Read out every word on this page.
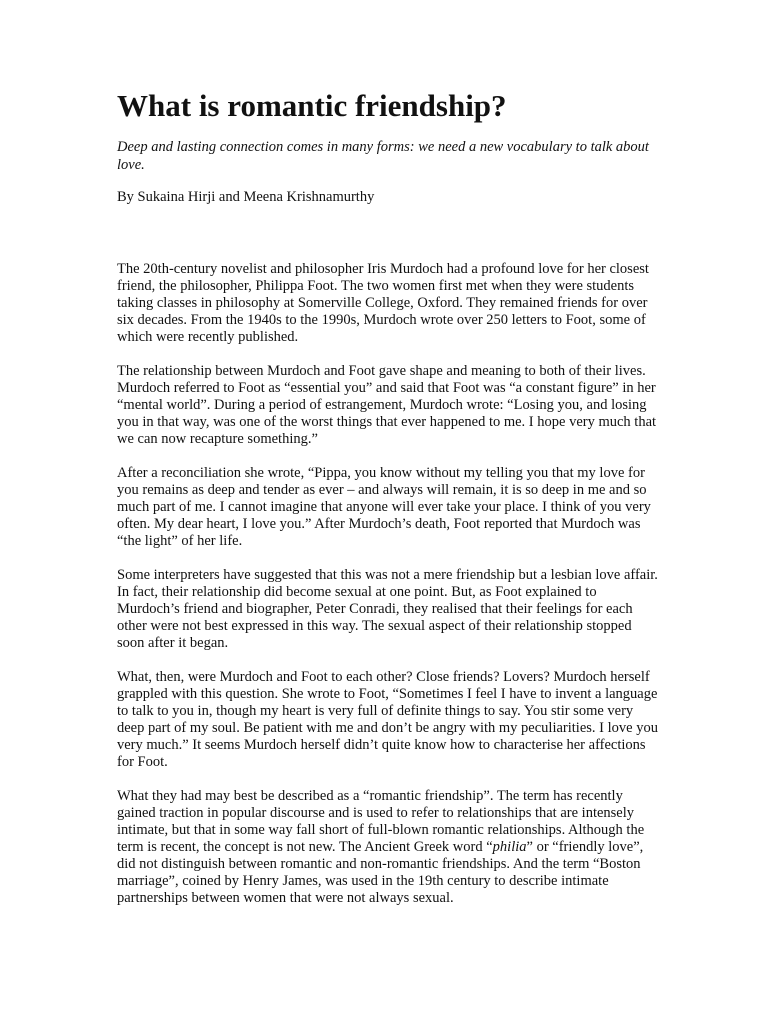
What is romantic friendship?
Deep and lasting connection comes in many forms: we need a new vocabulary to talk about love.
By Sukaina Hirji and Meena Krishnamurthy

The 20th-century novelist and philosopher Iris Murdoch had a profound love for her closest friend, the philosopher, Philippa Foot. The two women first met when they were students taking classes in philosophy at Somerville College, Oxford. They remained friends for over six decades. From the 1940s to the 1990s, Murdoch wrote over 250 letters to Foot, some of which were recently published.

The relationship between Murdoch and Foot gave shape and meaning to both of their lives. Murdoch referred to Foot as “essential you” and said that Foot was “a constant figure” in her “mental world”. During a period of estrangement, Murdoch wrote: “Losing you, and losing you in that way, was one of the worst things that ever happened to me. I hope very much that we can now recapture something.”

After a reconciliation she wrote, “Pippa, you know without my telling you that my love for you remains as deep and tender as ever – and always will remain, it is so deep in me and so much part of me. I cannot imagine that anyone will ever take your place. I think of you very often. My dear heart, I love you.” After Murdoch’s death, Foot reported that Murdoch was “the light” of her life.

Some interpreters have suggested that this was not a mere friendship but a lesbian love affair. In fact, their relationship did become sexual at one point. But, as Foot explained to Murdoch’s friend and biographer, Peter Conradi, they realised that their feelings for each other were not best expressed in this way. The sexual aspect of their relationship stopped soon after it began.

What, then, were Murdoch and Foot to each other? Close friends? Lovers? Murdoch herself grappled with this question. She wrote to Foot, “Sometimes I feel I have to invent a language to talk to you in, though my heart is very full of definite things to say. You stir some very deep part of my soul. Be patient with me and don’t be angry with my peculiarities. I love you very much.” It seems Murdoch herself didn’t quite know how to characterise her affections for Foot.

What they had may best be described as a “romantic friendship”. The term has recently gained traction in popular discourse and is used to refer to relationships that are intensely intimate, but that in some way fall short of full-blown romantic relationships. Although the term is recent, the concept is not new. The Ancient Greek word “philia” or “friendly love”, did not distinguish between romantic and non-romantic friendships. And the term “Boston marriage”, coined by Henry James, was used in the 19th century to describe intimate partnerships between women that were not always sexual.
